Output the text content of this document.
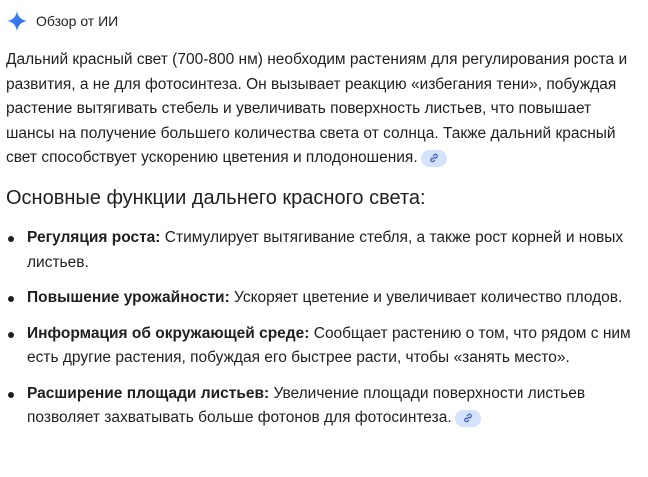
Обзор от ИИ
Дальний красный свет (700-800 нм) необходим растениям для регулирования роста и развития, а не для фотосинтеза. Он вызывает реакцию «избегания тени», побуждая растение вытягивать стебель и увеличивать поверхность листьев, что повышает шансы на получение большего количества света от солнца. Также дальний красный свет способствует ускорению цветения и плодоношения.
Основные функции дальнего красного света:
Регуляция роста: Стимулирует вытягивание стебля, а также рост корней и новых листьев.
Повышение урожайности: Ускоряет цветение и увеличивает количество плодов.
Информация об окружающей среде: Сообщает растению о том, что рядом с ним есть другие растения, побуждая его быстрее расти, чтобы «занять место».
Расширение площади листьев: Увеличение площади поверхности листьев позволяет захватывать больше фотонов для фотосинтеза.
